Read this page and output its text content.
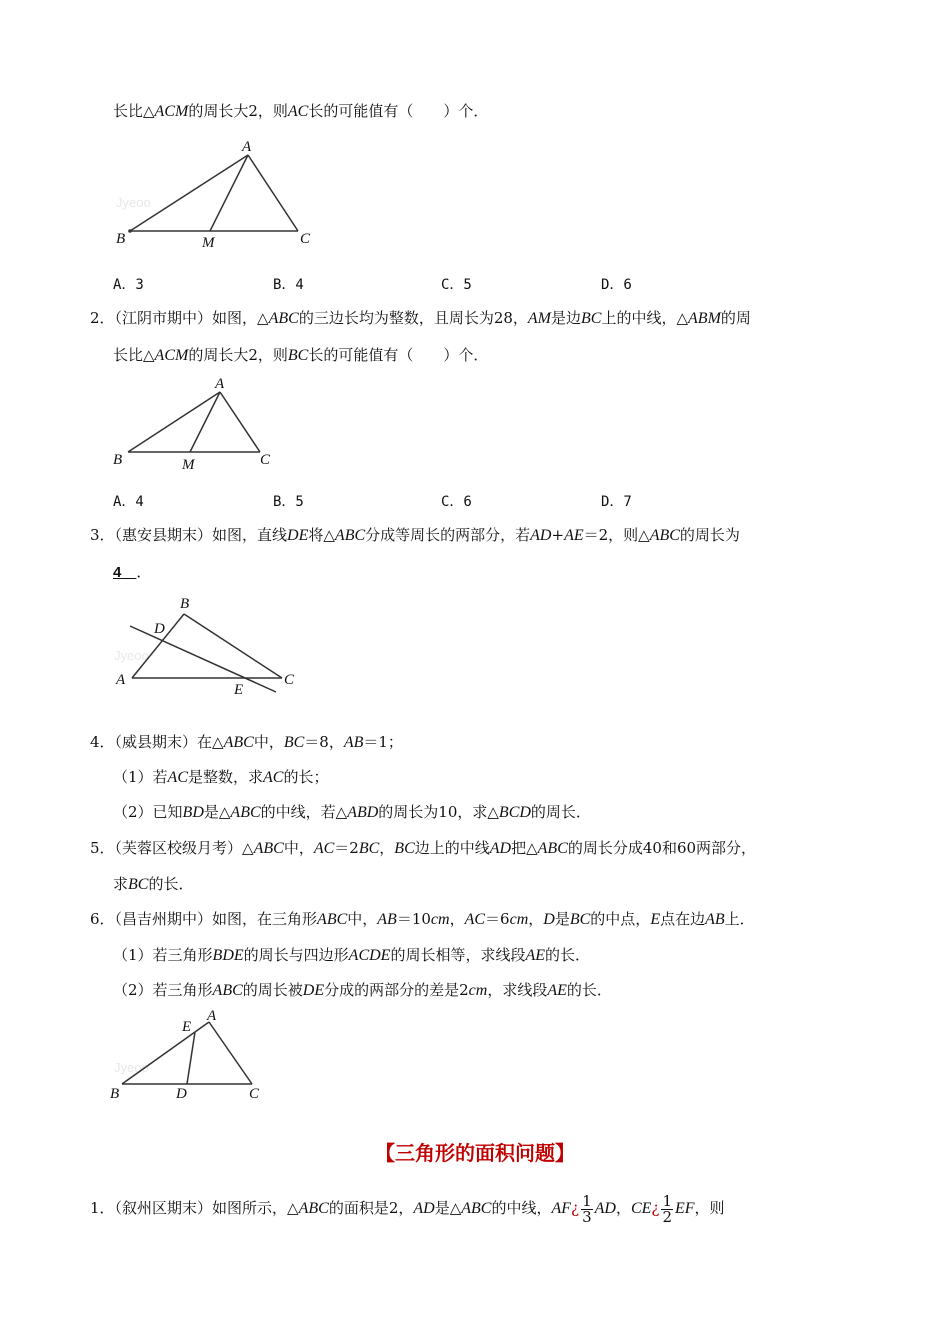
长比△ACM的周长大2，则AC长的可能值有（　　）个．
Jyeoo
A
B	C
M
A．3	B．4	C．5	D．6
2．（江阴市期中）如图，△ABC的三边长均为整数，且周长为28，AM是边BC上的中线，△ABM的周
长比△ACM的周长大2，则BC长的可能值有（　　）个．
A
B	C
M
A．4	B．5	C．6	D．7
3．（惠安县期末）如图，直线DE将△ABC分成等周长的两部分，若AD+AE＝2，则△ABC的周长为
4   ．
Jyeoo
B
D
A
E
C
4．（威县期末）在△ABC中，BC＝8，AB＝1；
（1）若AC是整数，求AC的长；
（2）已知BD是△ABC的中线，若△ABD的周长为10，求△BCD的周长．
5．（芙蓉区校级月考）△ABC中，AC＝2BC，BC边上的中线AD把△ABC的周长分成40和60两部分，
求BC的长．
6．（昌吉州期中）如图，在三角形ABC中，AB＝10cm，AC＝6cm，D是BC的中点，E点在边AB上．
（1）若三角形BDE的周长与四边形ACDE的周长相等，求线段AE的长．
（2）若三角形ABC的周长被DE分成的两部分的差是2cm，求线段AE的长．
Jyeoo
A
E
B	D	C
【三角形的面积问题】
1．（叙州区期末）如图所示，△ABC的面积是2，AD是△ABC的中线，AF¿ $\frac{1}{3}$ AD，CE¿ $\frac{1}{2}$ EF，则
